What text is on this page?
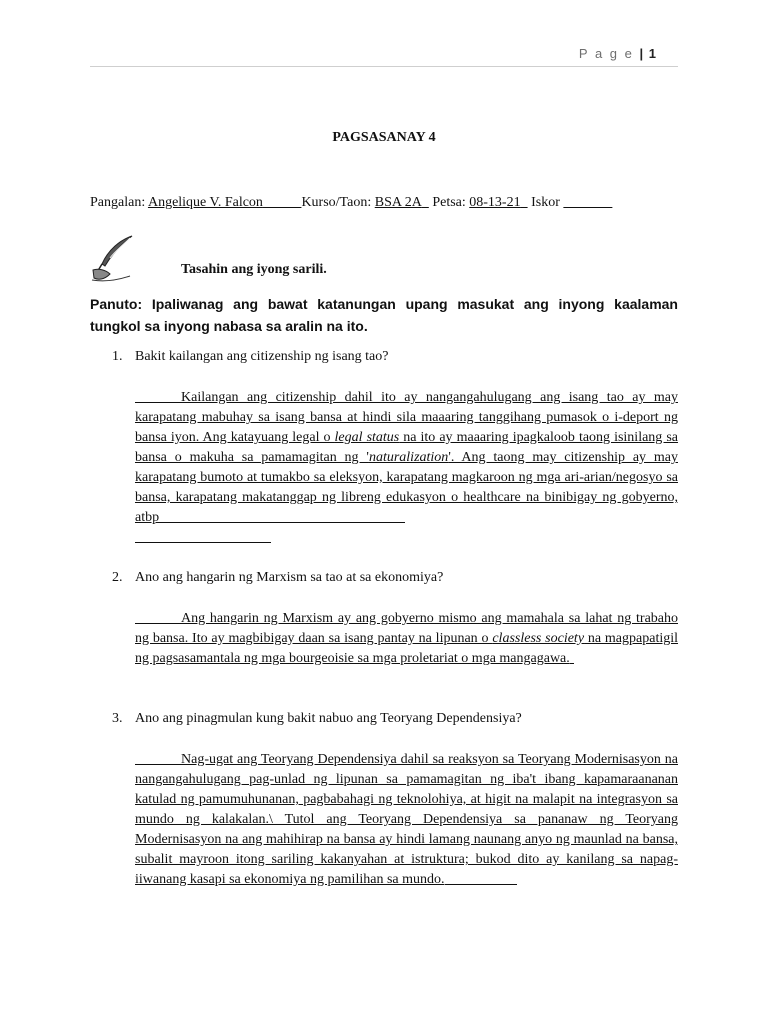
P a g e | 1
PAGSASANAY 4
Pangalan: Angelique V. Falcon	Kurso/Taon: BSA 2A Petsa: 08-13-21 Iskor
Tasahin ang iyong sarili.
Panuto: Ipaliwanag ang bawat katanungan upang masukat ang inyong kaalaman tungkol sa inyong nabasa sa aralin na ito.
1. Bakit kailangan ang citizenship ng isang tao?
Kailangan ang citizenship dahil ito ay nangangahulugang ang isang tao ay may karapatang mabuhay sa isang bansa at hindi sila maaaring tanggihang pumasok o i-deport ng bansa iyon. Ang katayuang legal o legal status na ito ay maaaring ipagkaloob taong isinilang sa bansa o makuha sa pamamagitan ng 'naturalization'. Ang taong may citizenship ay may karapatang bumoto at tumakbo sa eleksyon, karapatang magkaroon ng mga ari-arian/negosyo sa bansa, karapatang makatanggap ng libreng edukasyon o healthcare na binibigay ng gobyerno, atbp

2. Ano ang hangarin ng Marxism sa tao at sa ekonomiya?
Ang hangarin ng Marxism ay ang gobyerno mismo ang mamahala sa lahat ng trabaho ng bansa. Ito ay magbibigay daan sa isang pantay na lipunan o classless society na magpapatigil ng pagsasamantala ng mga bourgeoisie sa mga proletariat o mga mangagawa.
3. Ano ang pinagmulan kung bakit nabuo ang Teoryang Dependensiya?
Nag-ugat ang Teoryang Dependensiya dahil sa reaksyon sa Teoryang Modernisasyon na nangangahulugang pag-unlad ng lipunan sa pamamagitan ng iba't ibang kapamaraananan katulad ng pamumuhunanan, pagbabahagi ng teknolohiya, at higit na malapit na integrasyon sa mundo ng kalakalan.\ Tutol ang Teoryang Dependensiya sa pananaw ng Teoryang Modernisasyon na ang mahihirap na bansa ay hindi lamang naunang anyo ng maunlad na bansa, subalit mayroon itong sariling kakanyahan at istruktura; bukod dito ay kanilang sa napag-iiwanang kasapi sa ekonomiya ng pamilihan sa mundo.
